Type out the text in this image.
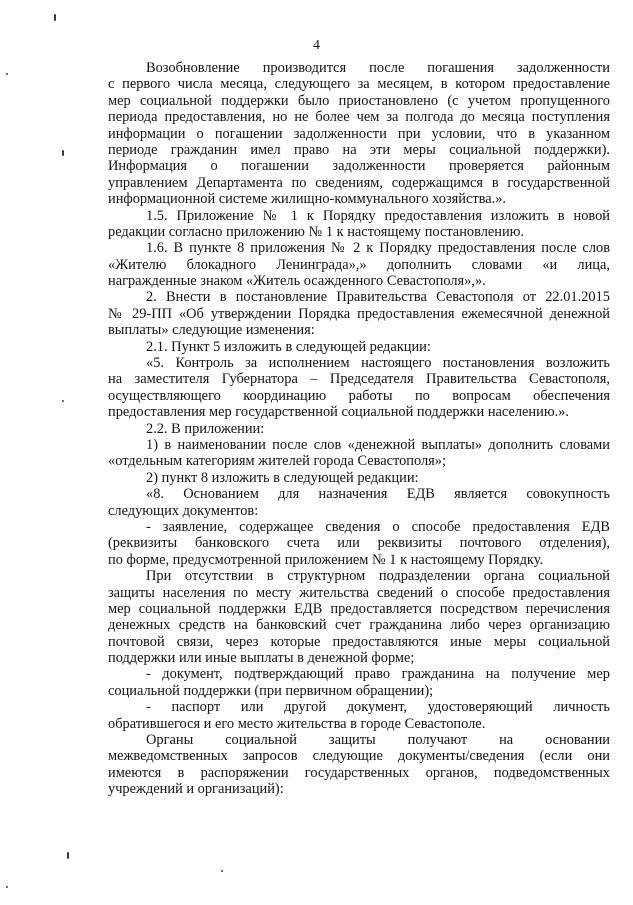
4
Возобновление производится после погашения задолженности
с первого числа месяца, следующего за месяцем, в котором предоставление
мер социальной поддержки было приостановлено (с учетом пропущенного
периода предоставления, но не более чем за полгода до месяца поступления
информации о погашении задолженности при условии, что в указанном
периоде гражданин имел право на эти меры социальной поддержки).
Информация о погашении задолженности проверяется районным
управлением Департамента по сведениям, содержащимся в государственной
информационной системе жилищно-коммунального хозяйства.».
1.5. Приложение № 1 к Порядку предоставления изложить в новой
редакции согласно приложению № 1 к настоящему постановлению.
1.6. В пункте 8 приложения № 2 к Порядку предоставления после слов
«Жителю блокадного Ленинграда»,» дополнить словами «и лица,
награжденные знаком «Житель осажденного Севастополя»,».
2. Внести в постановление Правительства Севастополя от 22.01.2015
№ 29-ПП «Об утверждении Порядка предоставления ежемесячной денежной
выплаты» следующие изменения:
2.1. Пункт 5 изложить в следующей редакции:
«5. Контроль за исполнением настоящего постановления возложить
на заместителя Губернатора – Председателя Правительства Севастополя,
осуществляющего координацию работы по вопросам обеспечения
предоставления мер государственной социальной поддержки населению.».
2.2. В приложении:
1) в наименовании после слов «денежной выплаты» дополнить словами
«отдельным категориям жителей города Севастополя»;
2) пункт 8 изложить в следующей редакции:
«8. Основанием для назначения ЕДВ является совокупность
следующих документов:
- заявление, содержащее сведения о способе предоставления ЕДВ
(реквизиты банковского счета или реквизиты почтового отделения),
по форме, предусмотренной приложением № 1 к настоящему Порядку.
При отсутствии в структурном подразделении органа социальной
защиты населения по месту жительства сведений о способе предоставления
мер социальной поддержки ЕДВ предоставляется посредством перечисления
денежных средств на банковский счет гражданина либо через организацию
почтовой связи, через которые предоставляются иные меры социальной
поддержки или иные выплаты в денежной форме;
- документ, подтверждающий право гражданина на получение мер
социальной поддержки (при первичном обращении);
- паспорт или другой документ, удостоверяющий личность
обратившегося и его место жительства в городе Севастополе.
Органы социальной защиты получают на основании
межведомственных запросов следующие документы/сведения (если они
имеются в распоряжении государственных органов, подведомственных
учреждений и организаций):
